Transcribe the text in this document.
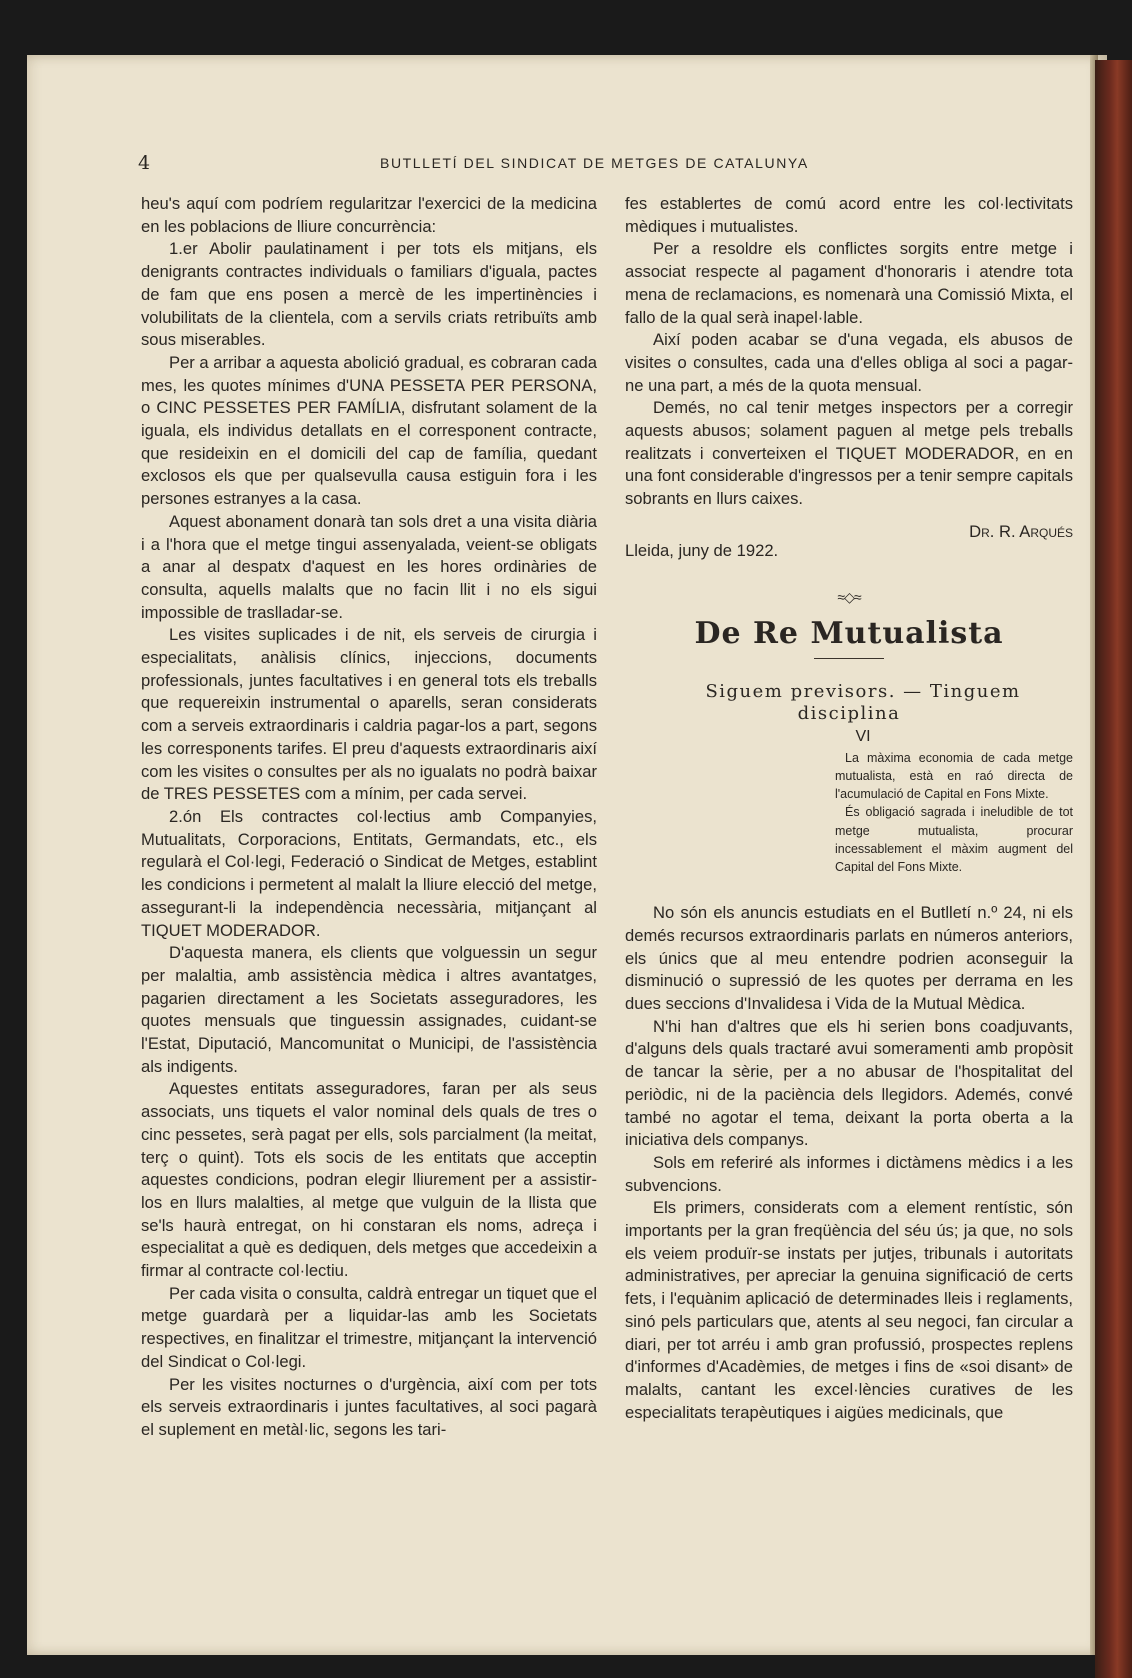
4	BUTLLETÍ DEL SINDICAT DE METGES DE CATALUNYA

heu's aquí com podríem regularitzar l'exercici de la medicina en les poblacions de lliure concurrència:

1.er Abolir paulatinament i per tots els mitjans, els denigrants contractes individuals o familiars d'iguala, pactes de fam que ens posen a mercè de les impertinències i volubilitats de la clientela, com a servils criats retribuïts amb sous miserables.

Per a arribar a aquesta abolició gradual, es cobraran cada mes, les quotes mínimes d'UNA PESSETA PER PERSONA, o CINC PESSETES PER FAMÍLIA, disfrutant solament de la iguala, els individus detallats en el corresponent contracte, que resideixin en el domicili del cap de família, quedant exclosos els que per qualsevulla causa estiguin fora i les persones estranyes a la casa.

Aquest abonament donarà tan sols dret a una visita diària i a l'hora que el metge tingui assenyalada, veient-se obligats a anar al despatx d'aquest en les hores ordinàries de consulta, aquells malalts que no facin llit i no els sigui impossible de traslladar-se.

Les visites suplicades i de nit, els serveis de cirurgia i especialitats, anàlisis clínics, injeccions, documents professionals, juntes facultatives i en general tots els treballs que requereixin instrumental o aparells, seran considerats com a serveis extraordinaris i caldria pagar-los a part, segons les corresponents tarifes. El preu d'aquests extraordinaris així com les visites o consultes per als no igualats no podrà baixar de TRES PESSETES com a mínim, per cada servei.

2.ón Els contractes col·lectius amb Companyies, Mutualitats, Corporacions, Entitats, Germandats, etc., els regularà el Col·legi, Federació o Sindicat de Metges, establint les condicions i permetent al malalt la lliure elecció del metge, assegurant-li la independència necessària, mitjançant al TIQUET MODERADOR.

D'aquesta manera, els clients que volguessin un segur per malaltia, amb assistència mèdica i altres avantatges, pagarien directament a les Societats asseguradores, les quotes mensuals que tinguessin assignades, cuidant-se l'Estat, Diputació, Mancomunitat o Municipi, de l'assistència als indigents.

Aquestes entitats asseguradores, faran per als seus associats, uns tiquets el valor nominal dels quals de tres o cinc pessetes, serà pagat per ells, sols parcialment (la meitat, terç o quint). Tots els socis de les entitats que acceptin aquestes condicions, podran elegir lliurement per a assistir-los en llurs malalties, al metge que vulguin de la llista que se'ls haurà entregat, on hi constaran els noms, adreça i especialitat a què es dediquen, dels metges que accedeixin a firmar al contracte col·lectiu.

Per cada visita o consulta, caldrà entregar un tiquet que el metge guardarà per a liquidar-las amb les Societats respectives, en finalitzar el trimestre, mitjançant la intervenció del Sindicat o Col·legi.

Per les visites nocturnes o d'urgència, així com per tots els serveis extraordinaris i juntes facultatives, al soci pagarà el suplement en metàl·lic, segons les tari-

fes establertes de comú acord entre les col·lectivitats mèdiques i mutualistes.

Per a resoldre els conflictes sorgits entre metge i associat respecte al pagament d'honoraris i atendre tota mena de reclamacions, es nomenarà una Comissió Mixta, el fallo de la qual serà inapel·lable.

Així poden acabar se d'una vegada, els abusos de visites o consultes, cada una d'elles obliga al soci a pagar-ne una part, a més de la quota mensual.

Demés, no cal tenir metges inspectors per a corregir aquests abusos; solament paguen al metge pels treballs realitzats i converteixen el TIQUET MODERADOR, en en una font considerable d'ingressos per a tenir sempre capitals sobrants en llurs caixes.

Dr. R. Arqués

Lleida, juny de 1922.

≈◇≈
De Re Mutualista

Siguem previsors. — Tinguem disciplina

VI

La màxima economia de cada metge mutualista, està en raó directa de l'acumulació de Capital en Fons Mixte.

És obligació sagrada i ineludible de tot metge mutualista, procurar incessablement el màxim augment del Capital del Fons Mixte.

No són els anuncis estudiats en el Butlletí n.º 24, ni els demés recursos extraordinaris parlats en números anteriors, els únics que al meu entendre podrien aconseguir la disminució o supressió de les quotes per derrama en les dues seccions d'Invalidesa i Vida de la Mutual Mèdica.

N'hi han d'altres que els hi serien bons coadjuvants, d'alguns dels quals tractaré avui someramenti amb propòsit de tancar la sèrie, per a no abusar de l'hospitalitat del periòdic, ni de la paciència dels llegidors. Ademés, convé també no agotar el tema, deixant la porta oberta a la iniciativa dels companys.

Sols em referiré als informes i dictàmens mèdics i a les subvencions.

Els primers, considerats com a element rentístic, són importants per la gran freqüència del séu ús; ja que, no sols els veiem produïr-se instats per jutjes, tribunals i autoritats administratives, per apreciar la genuina significació de certs fets, i l'equànim aplicació de determinades lleis i reglaments, sinó pels particulars que, atents al seu negoci, fan circular a diari, per tot arréu i amb gran profussió, prospectes replens d'informes d'Acadèmies, de metges i fins de «soi disant» de malalts, cantant les excel·lències curatives de les especialitats terapèutiques i aigües medicinals, que
